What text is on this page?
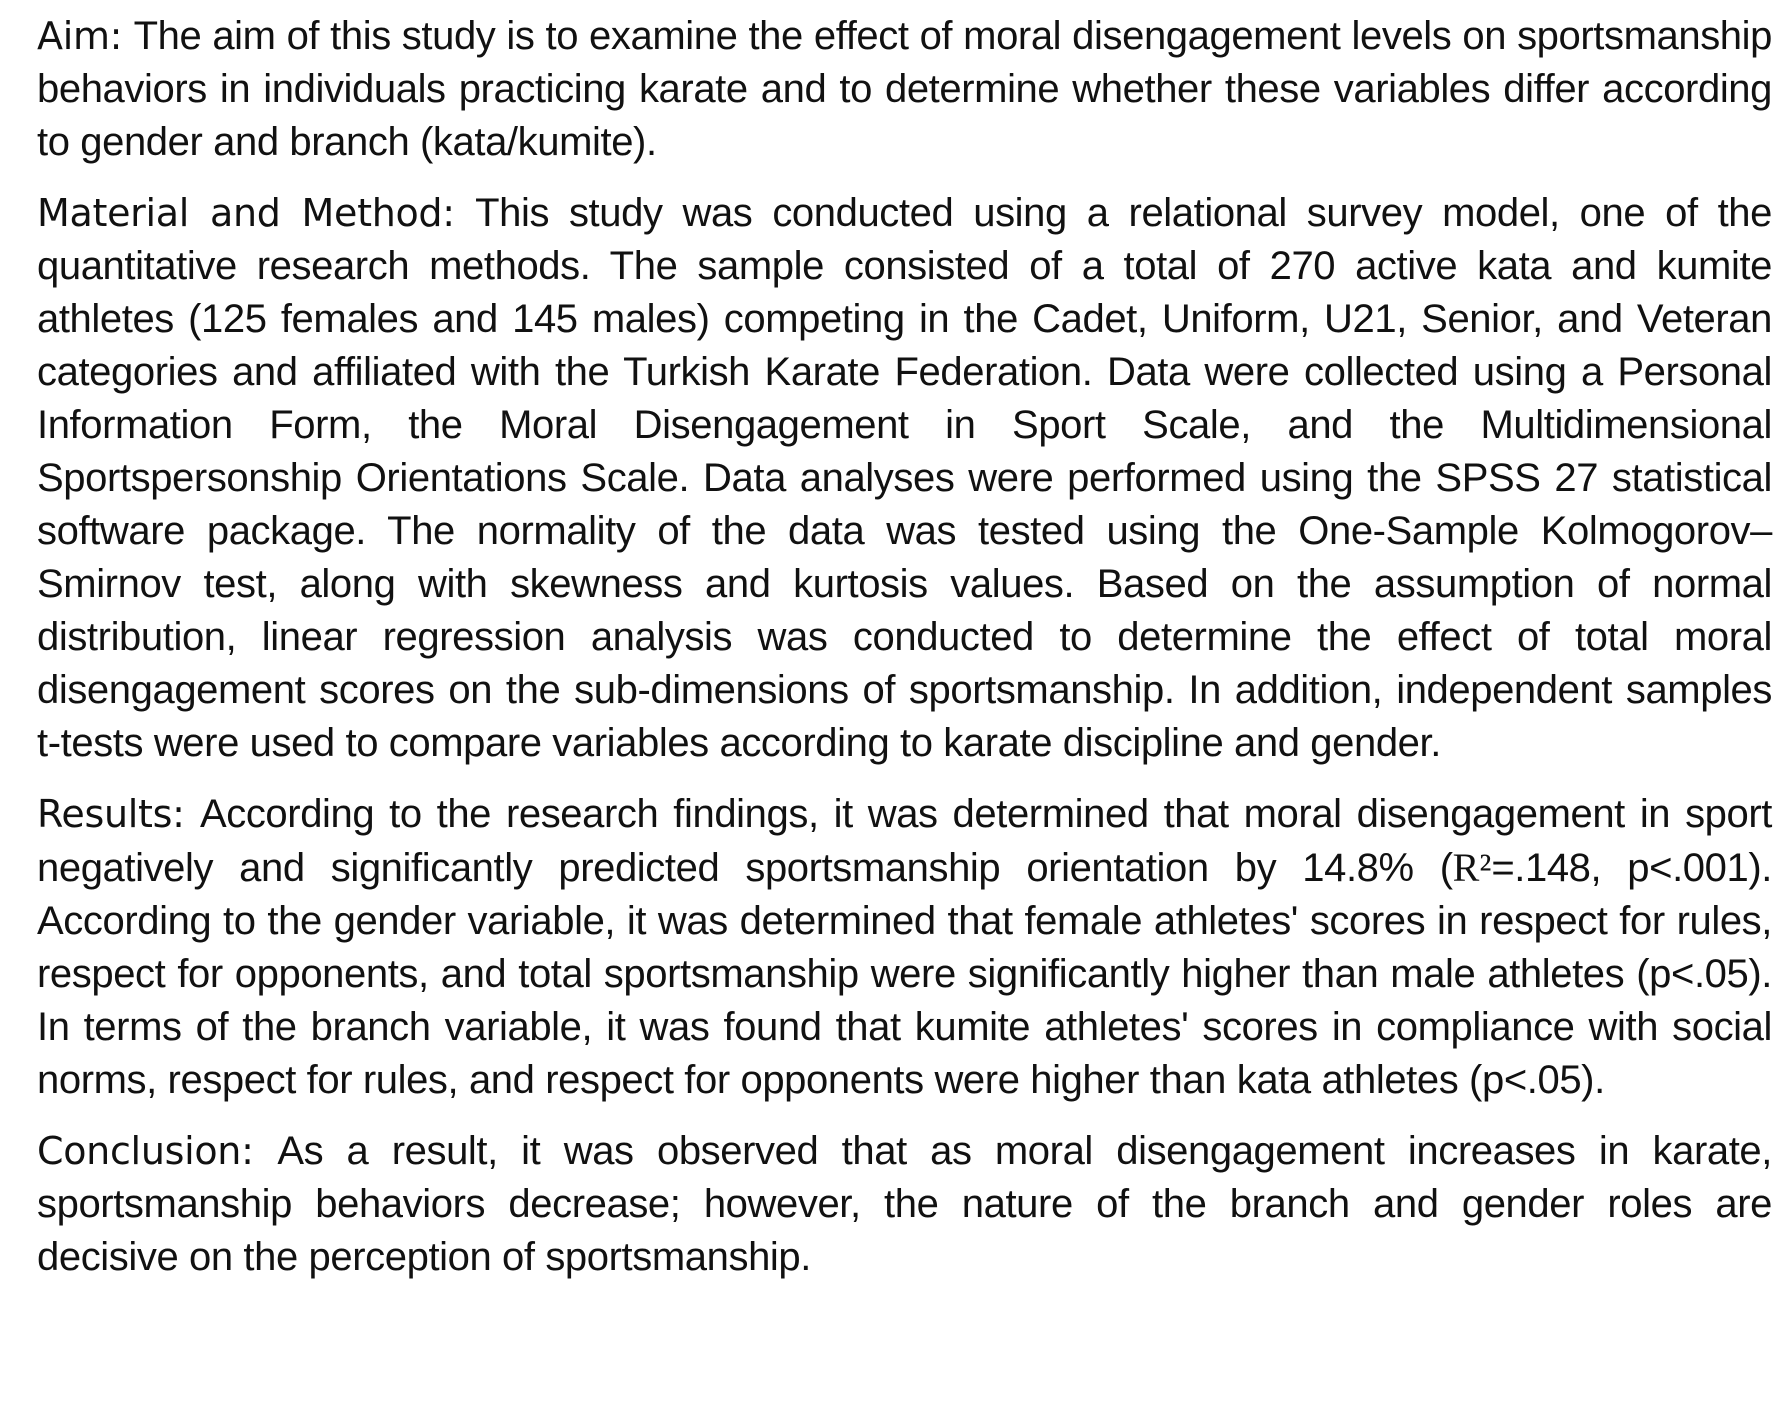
Aim: The aim of this study is to examine the effect of moral disengagement levels on sportsmanship behaviors in individuals practicing karate and to determine whether these variables differ according to gender and branch (kata/kumite).

Material and Method: This study was conducted using a relational survey model, one of the quantitative research methods. The sample consisted of a total of 270 active kata and kumite athletes (125 females and 145 males) competing in the Cadet, Uniform, U21, Senior, and Veteran categories and affiliated with the Turkish Karate Federation. Data were collected using a Personal Information Form, the Moral Disengagement in Sport Scale, and the Multidimensional Sportspersonship Orientations Scale. Data analyses were performed using the SPSS 27 statistical software package. The normality of the data was tested using the One-Sample Kolmogorov–Smirnov test, along with skewness and kurtosis values. Based on the assumption of normal distribution, linear regression analysis was conducted to determine the effect of total moral disengagement scores on the sub-dimensions of sportsmanship. In addition, independent samples t-tests were used to compare variables according to karate discipline and gender.

Results: According to the research findings, it was determined that moral disengagement in sport negatively and significantly predicted sportsmanship orientation by 14.8% (R²=.148, p<.001). According to the gender variable, it was determined that female athletes' scores in respect for rules, respect for opponents, and total sportsmanship were significantly higher than male athletes (p<.05). In terms of the branch variable, it was found that kumite athletes' scores in compliance with social norms, respect for rules, and respect for opponents were higher than kata athletes (p<.05).

Conclusion: As a result, it was observed that as moral disengagement increases in karate, sportsmanship behaviors decrease; however, the nature of the branch and gender roles are decisive on the perception of sportsmanship.
